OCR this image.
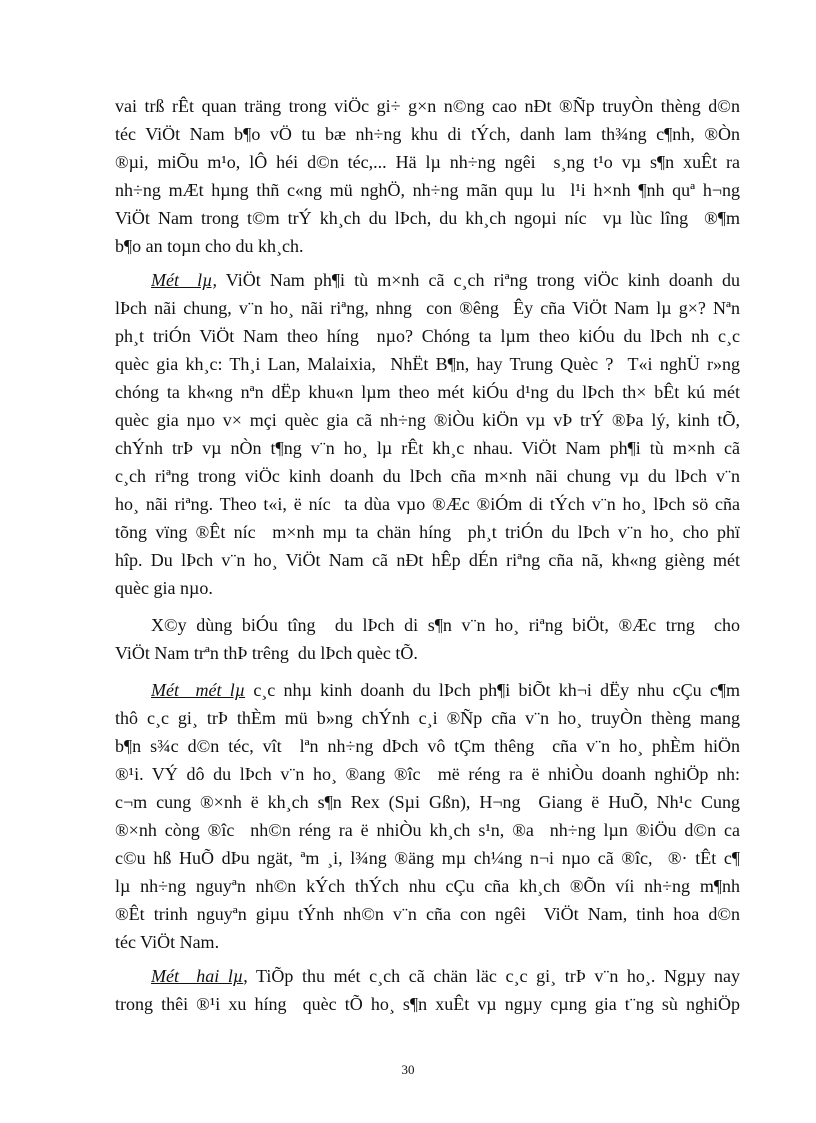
vai trß rÊt quan träng trong viÖc gi÷ g×n n©ng cao nÐt ®Ñp truyÒn thèng d©n
téc ViÖt Nam b¶o vÖ tu bæ nh÷ng khu di tÝch, danh lam th¾ng c¶nh, ®Òn
®µi, miÕu m¹o, lÔ héi d©n téc,... Hä lµ nh÷ng ngêi  s¸ng t¹o vµ s¶n xuÊt ra
nh÷ng mÆt hµng thñ c«ng mü nghÖ, nh÷ng mãn quµ lu  l¹i h×nh ¶nh quª h¬ng
ViÖt Nam trong t©m trÝ kh¸ch du lÞch, du kh¸ch ngoµi níc  vµ lùc lîng  ®¶m
b¶o an toµn cho du kh¸ch.
Mét  lµ, ViÖt Nam ph¶i tù m×nh cã c¸ch riªng trong viÖc kinh doanh du
lÞch nãi chung, v¨n ho¸ nãi riªng, nhng  con ®êng  Êy cña ViÖt Nam lµ g×? Nªn
ph¸t triÓn ViÖt Nam theo híng  nµo? Chóng ta lµm theo kiÓu du lÞch nh c¸c
quèc gia kh¸c: Th¸i Lan, Malaixia,  NhËt B¶n, hay Trung Quèc ?  T«i nghÜ r»ng
chóng ta kh«ng nªn dËp khu«n lµm theo mét kiÓu d¹ng du lÞch th× bÊt kú mét
quèc gia nµo v× mçi quèc gia cã nh÷ng ®iÒu kiÖn vµ vÞ trÝ ®Þa lý, kinh tÕ,
chÝnh trÞ vµ nÒn t¶ng v¨n ho¸ lµ rÊt kh¸c nhau. ViÖt Nam ph¶i tù m×nh cã
c¸ch riªng trong viÖc kinh doanh du lÞch cña m×nh nãi chung vµ du lÞch v¨n
ho¸ nãi riªng. Theo t«i, ë níc  ta dùa vµo ®Æc ®iÓm di tÝch v¨n ho¸ lÞch sö cña
tõng vïng ®Êt níc  m×nh mµ ta chän híng  ph¸t triÓn du lÞch v¨n ho¸ cho phï
hîp. Du lÞch v¨n ho¸ ViÖt Nam cã nÐt hÊp dÉn riªng cña nã, kh«ng gièng mét
quèc gia nµo.
X©y dùng biÓu tîng  du lÞch di s¶n v¨n ho¸ riªng biÖt, ®Æc trng  cho
ViÖt Nam trªn thÞ trêng  du lÞch quèc tÕ.
Mét  mét lµ c¸c nhµ kinh doanh du lÞch ph¶i biÕt kh¬i dËy nhu cÇu c¶m
thô c¸c gi¸ trÞ thÈm mü b»ng chÝnh c¸i ®Ñp cña v¨n ho¸ truyÒn thèng mang
b¶n s¾c d©n téc, vît  lªn nh÷ng dÞch vô tÇm thêng  cña v¨n ho¸ phÈm hiÖn
®¹i. VÝ dô du lÞch v¨n ho¸ ®ang ®îc  më réng ra ë nhiÒu doanh nghiÖp nh:
c¬m cung ®×nh ë kh¸ch s¶n Rex (Sµi Gßn), H¬ng  Giang ë HuÕ, Nh¹c Cung
®×nh còng ®îc  nh©n réng ra ë nhiÒu kh¸ch s¹n, ®a  nh÷ng lµn ®iÖu d©n ca
c©u hß HuÕ dÞu ngät, ªm ¸i, l¾ng ®äng mµ ch¼ng n¬i nµo cã ®îc,  ®· tÊt c¶
lµ nh÷ng nguyªn nh©n kÝch thÝch nhu cÇu cña kh¸ch ®Õn víi nh÷ng m¶nh
®Êt trinh nguyªn giµu tÝnh nh©n v¨n cña con ngêi  ViÖt Nam, tinh hoa d©n
téc ViÖt Nam.
Mét  hai lµ, TiÕp thu mét c¸ch cã chän läc c¸c gi¸ trÞ v¨n ho¸. Ngµy nay
trong thêi ®¹i xu híng  quèc tÕ ho¸ s¶n xuÊt vµ ngµy cµng gia t¨ng sù nghiÖp
30
